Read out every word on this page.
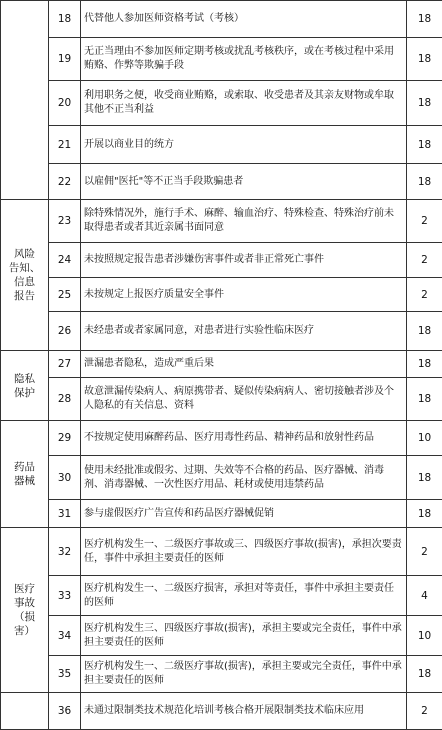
	18	代替他人参加医师资格考试（考核）	18
	19	无正当理由不参加医师定期考核或扰乱考核秩序，或在考核过程中采用贿赂、作弊等欺骗手段	18
	20	利用职务之便，收受商业贿赂，或索取、收受患者及其亲友财物或牟取其他不正当利益	18
	21	开展以商业目的统方	18
	22	以雇佣"医托"等不正当手段欺骗患者	18

风险
告知、
信息
报告	23	除特殊情况外，施行手术、麻醉、输血治疗、特殊检查、特殊治疗前未取得患者或者其近亲属书面同意	2
	24	未按照规定报告患者涉嫌伤害事件或者非正常死亡事件	2
	25	未按规定上报医疗质量安全事件	2
	26	未经患者或者家属同意，对患者进行实验性临床医疗	18

隐私
保护	27	泄漏患者隐私，造成严重后果	18
	28	故意泄漏传染病人、病原携带者、疑似传染病病人、密切接触者涉及个人隐私的有关信息、资料	18

药品
器械	29	不按规定使用麻醉药品、医疗用毒性药品、精神药品和放射性药品	10
	30	使用未经批准或假劣、过期、失效等不合格的药品、医疗器械、消毒剂、消毒器械、一次性医疗用品、耗材或使用违禁药品	18
	31	参与虚假医疗广告宣传和药品医疗器械促销	18

医疗
事故
（损
害）	32	医疗机构发生一、二级医疗事故或三、四级医疗事故(损害)，承担次要责任，事件中承担主要责任的医师	2
	33	医疗机构发生一、二级医疗损害，承担对等责任，事件中承担主要责任的医师	4
	34	医疗机构发生三、四级医疗事故(损害)，承担主要或完全责任，事件中承担主要责任的医师	10
	35	医疗机构发生一、二级医疗事故(损害)，承担主要或完全责任，事件中承担主要责任的医师	18

	36	未通过限制类技术规范化培训考核合格开展限制类技术临床应用	2
